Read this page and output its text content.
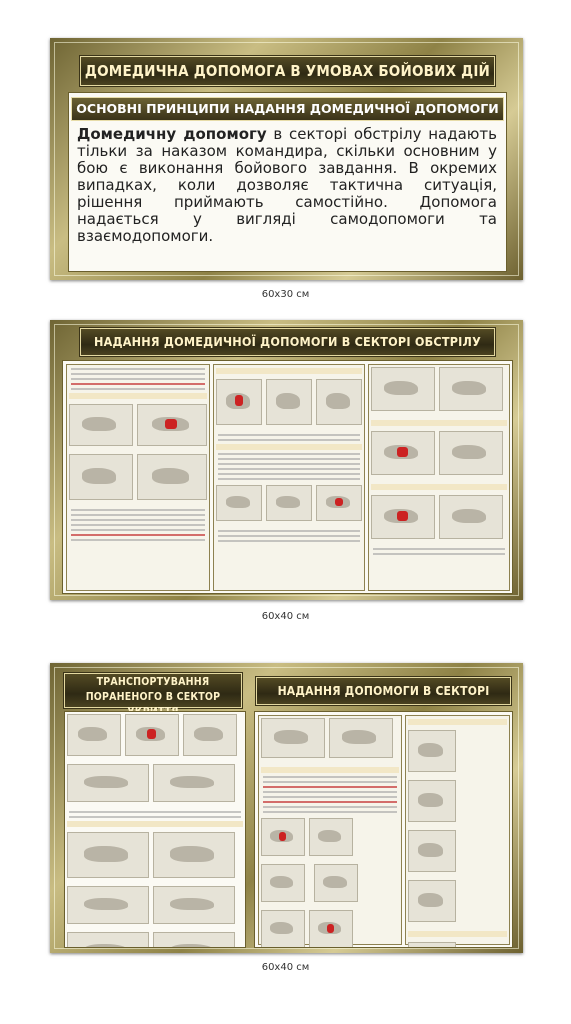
ДОМЕДИЧНА ДОПОМОГА В УМОВАХ БОЙОВИХ ДІЙ
ОСНОВНІ ПРИНЦИПИ НАДАННЯ ДОМЕДИЧНОЇ ДОПОМОГИ
Домедичну допомогу в секторі обстрілу надають тільки за наказом командира, скільки основним у бою є виконання бойового завдання. В окремих випадках, коли дозволяє тактична ситуація, рішення приймають самостійно. Допомога надається у вигляді самодопомоги та взаємодопомоги.
60x30 см
НАДАННЯ ДОМЕДИЧНОЇ ДОПОМОГИ В СЕКТОРІ ОБСТРІЛУ

60x40 см
ТРАНСПОРТУВАННЯ ПОРАНЕНОГО В СЕКТОР	НАДАННЯ ДОПОМОГИ В СЕКТОРІ

60x40 см
